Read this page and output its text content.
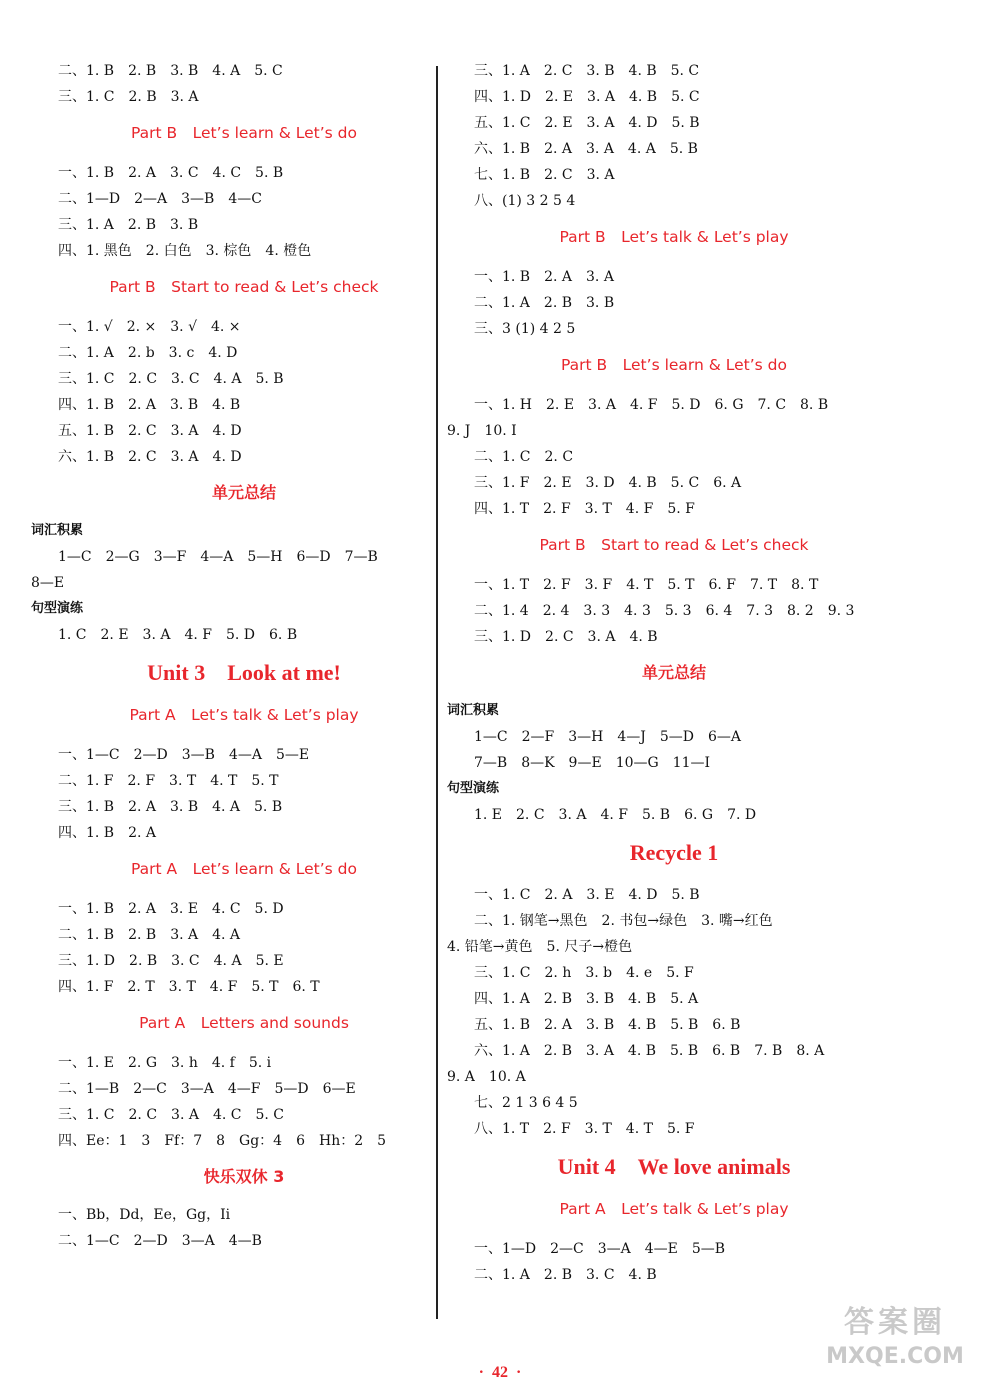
二、1. B　2. B　3. B　4. A　5. C
三、1. C　2. B　3. A
Part B　Let’s learn & Let’s do
一、1. B　2. A　3. C　4. C　5. B
二、1—D　2—A　3—B　4—C
三、1. A　2. B　3. B
四、1. 黑色　2. 白色　3. 棕色　4. 橙色
Part B　Start to read & Let’s check
一、1. √　2. ×　3. √　4. ×
二、1. A　2. b　3. c　4. D
三、1. C　2. C　3. C　4. A　5. B
四、1. B　2. A　3. B　4. B
五、1. B　2. C　3. A　4. D
六、1. B　2. C　3. A　4. D
单元总结
词汇积累
1—C　2—G　3—F　4—A　5—H　6—D　7—B
8—E
句型演练
1. C　2. E　3. A　4. F　5. D　6. B
Unit 3　Look at me!
Part A　Let’s talk & Let’s play
一、1—C　2—D　3—B　4—A　5—E
二、1. F　2. F　3. T　4. T　5. T
三、1. B　2. A　3. B　4. A　5. B
四、1. B　2. A
Part A　Let’s learn & Let’s do
一、1. B　2. A　3. E　4. C　5. D
二、1. B　2. B　3. A　4. A
三、1. D　2. B　3. C　4. A　5. E
四、1. F　2. T　3. T　4. F　5. T　6. T
Part A　Letters and sounds
一、1. E　2. G　3. h　4. f　5. i
二、1—B　2—C　3—A　4—F　5—D　6—E
三、1. C　2. C　3. A　4. C　5. C
四、Ee：1　3　Ff：7　8　Gg：4　6　Hh：2　5
快乐双休 3
一、Bb，Dd，Ee，Gg，Ii
二、1—C　2—D　3—A　4—B
三、1. A　2. C　3. B　4. B　5. C
四、1. D　2. E　3. A　4. B　5. C
五、1. C　2. E　3. A　4. D　5. B
六、1. B　2. A　3. A　4. A　5. B
七、1. B　2. C　3. A
八、(1) 3 2 5 4
Part B　Let’s talk & Let’s play
一、1. B　2. A　3. A
二、1. A　2. B　3. B
三、3 (1) 4 2 5
Part B　Let’s learn & Let’s do
一、1. H　2. E　3. A　4. F　5. D　6. G　7. C　8. B
9. J　10. I
二、1. C　2. C
三、1. F　2. E　3. D　4. B　5. C　6. A
四、1. T　2. F　3. T　4. F　5. F
Part B　Start to read & Let’s check
一、1. T　2. F　3. F　4. T　5. T　6. F　7. T　8. T
二、1. 4　2. 4　3. 3　4. 3　5. 3　6. 4　7. 3　8. 2　9. 3
三、1. D　2. C　3. A　4. B
单元总结
词汇积累
1—C　2—F　3—H　4—J　5—D　6—A
7—B　8—K　9—E　10—G　11—I
句型演练
1. E　2. C　3. A　4. F　5. B　6. G　7. D
Recycle 1
一、1. C　2. A　3. E　4. D　5. B
二、1. 钢笔→黑色　2. 书包→绿色　3. 嘴→红色
4. 铅笔→黄色　5. 尺子→橙色
三、1. C　2. h　3. b　4. e　5. F
四、1. A　2. B　3. B　4. B　5. A
五、1. B　2. A　3. B　4. B　5. B　6. B
六、1. A　2. B　3. A　4. B　5. B　6. B　7. B　8. A
9. A　10. A
七、2 1 3 6 4 5
八、1. T　2. F　3. T　4. T　5. F
Unit 4　We love animals
Part A　Let’s talk & Let’s play
一、1—D　2—C　3—A　4—E　5—B
二、1. A　2. B　3. C　4. B
·  42  ·
答案圈
MXQE.COM
